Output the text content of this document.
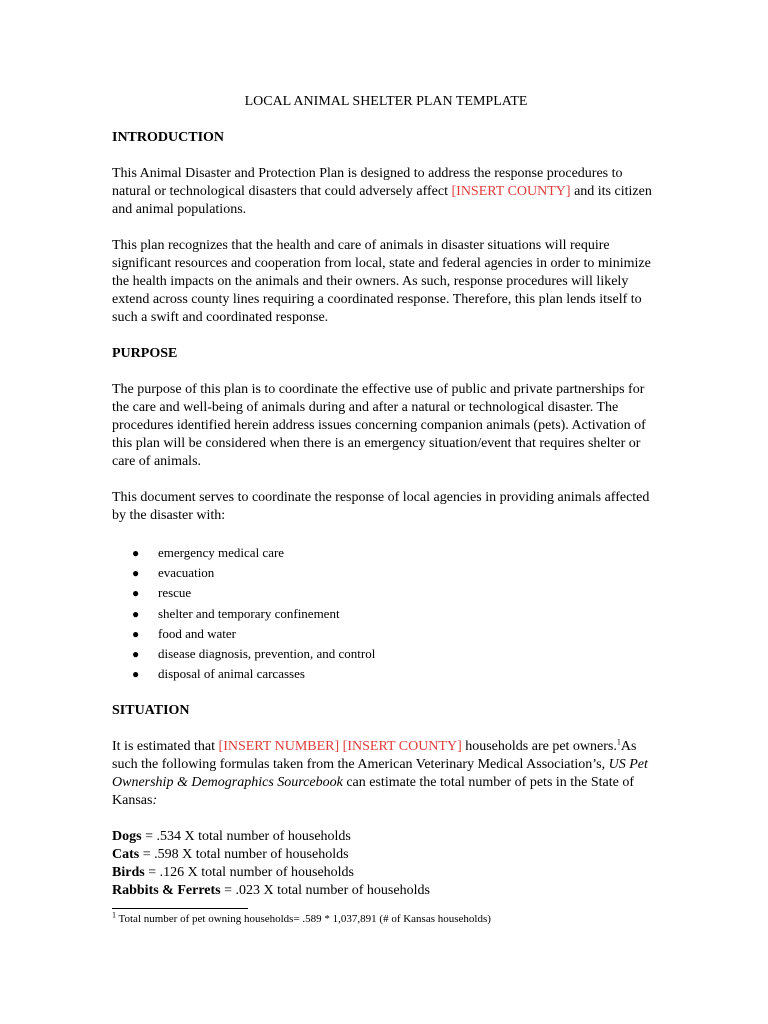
LOCAL ANIMAL SHELTER PLAN TEMPLATE
INTRODUCTION

This Animal Disaster and Protection Plan is designed to address the response procedures to natural or technological disasters that could adversely affect [INSERT COUNTY] and its citizen and animal populations.

This plan recognizes that the health and care of animals in disaster situations will require significant resources and cooperation from local, state and federal agencies in order to minimize the health impacts on the animals and their owners. As such, response procedures will likely extend across county lines requiring a coordinated response. Therefore, this plan lends itself to such a swift and coordinated response.

PURPOSE

The purpose of this plan is to coordinate the effective use of public and private partnerships for the care and well-being of animals during and after a natural or technological disaster. The procedures identified herein address issues concerning companion animals (pets). Activation of this plan will be considered when there is an emergency situation/event that requires shelter or care of animals.

This document serves to coordinate the response of local agencies in providing animals affected by the disaster with:

● emergency medical care
● evacuation
● rescue
● shelter and temporary confinement
● food and water
● disease diagnosis, prevention, and control
● disposal of animal carcasses
SITUATION

It is estimated that [INSERT NUMBER] [INSERT COUNTY] households are pet owners.$^1$As such the following formulas taken from the American Veterinary Medical Association’s, US Pet Ownership & Demographics Sourcebook can estimate the total number of pets in the State of Kansas:

Dogs = .534 X total number of households
Cats = .598 X total number of households
Birds = .126 X total number of households
Rabbits & Ferrets = .023 X total number of households
$^1$ Total number of pet owning households= .589 * 1,037,891 (# of Kansas households)
